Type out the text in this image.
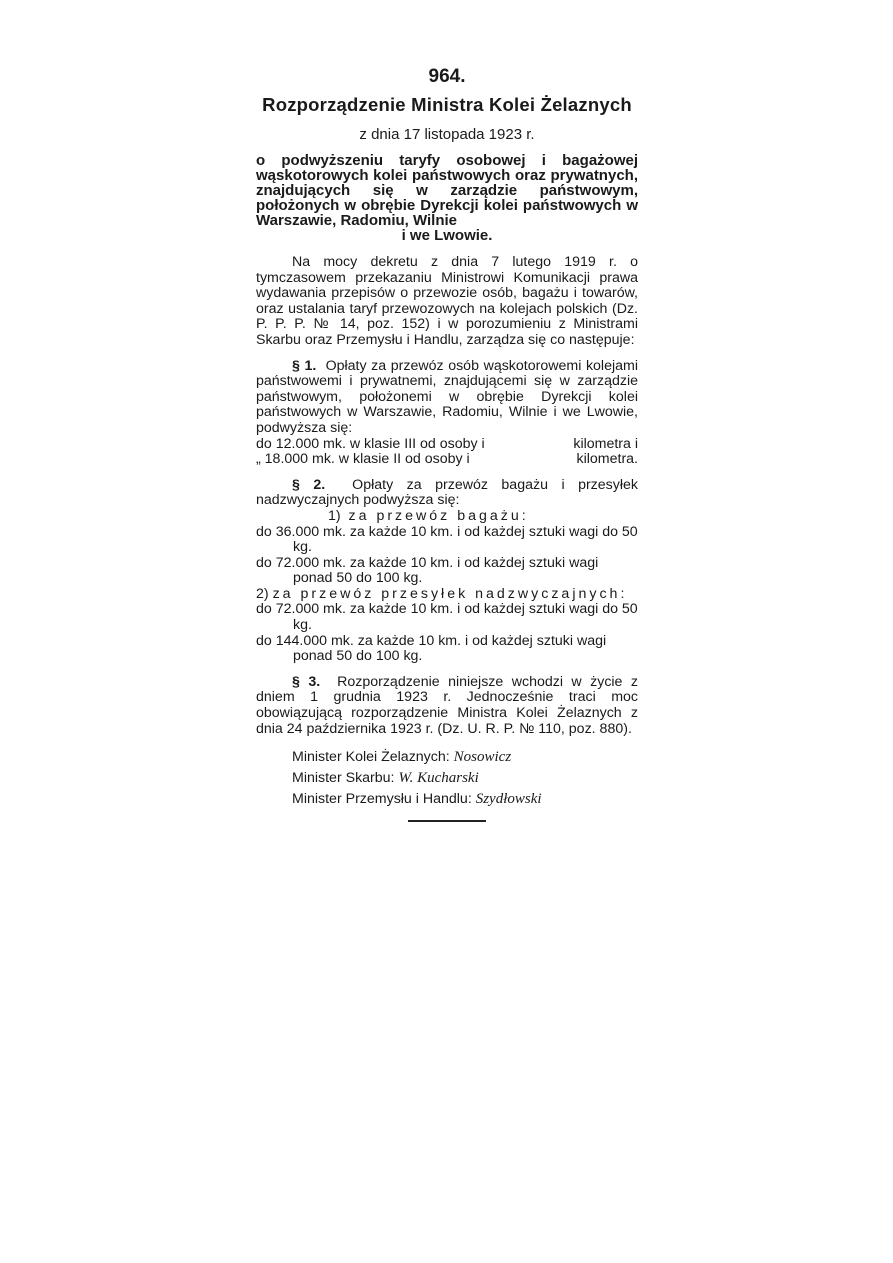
964.
Rozporządzenie Ministra Kolei Żelaznych
z dnia 17 listopada 1923 r.

o podwyższeniu taryfy osobowej i bagażowej wąskotorowych kolei państwowych oraz prywatnych, znajdujących się w zarządzie państwowym, położonych w obrębie Dyrekcji kolei państwowych w Warszawie, Radomiu, Wilnie

i we Lwowie.

Na mocy dekretu z dnia 7 lutego 1919 r. o tymczasowem przekazaniu Ministrowi Komunikacji prawa wydawania przepisów o przewozie osób, bagażu i towarów, oraz ustalania taryf przewozowych na kolejach polskich (Dz. P. P. P. № 14, poz. 152) i w porozumieniu z Ministrami Skarbu oraz Przemysłu i Handlu, zarządza się co następuje:

§ 1. Opłaty za przewóz osób wąskotorowemi kolejami państwowemi i prywatnemi, znajdującemi się w zarządzie państwowym, położonemi w obrębie Dyrekcji kolei państwowych w Warszawie, Radomiu, Wilnie i we Lwowie, podwyższa się:

do 12.000 mk. w klasie III od osoby i	kilometra i
„ 18.000 mk. w klasie II od osoby i	kilometra.

§ 2. Opłaty za przewóz bagażu i przesyłek nadzwyczajnych podwyższa się:

1) za przewóz bagażu:
do 36.000 mk. za każde 10 km. i od każdej sztuki wagi do 50 kg.
do 72.000 mk. za każde 10 km. i od każdej sztuki wagi ponad 50 do 100 kg.
2) za przewóz przesyłek nadzwyczajnych:
do 72.000 mk. za każde 10 km. i od każdej sztuki wagi do 50 kg.
do 144.000 mk. za każde 10 km. i od każdej sztuki wagi ponad 50 do 100 kg.

§ 3. Rozporządzenie niniejsze wchodzi w życie z dniem 1 grudnia 1923 r. Jednocześnie traci moc obowiązującą rozporządzenie Ministra Kolei Żelaznych z dnia 24 października 1923 r. (Dz. U. R. P. № 110, poz. 880).

Minister Kolei Żelaznych: Nosowicz
Minister Skarbu: W. Kucharski
Minister Przemysłu i Handlu: Szydłowski
